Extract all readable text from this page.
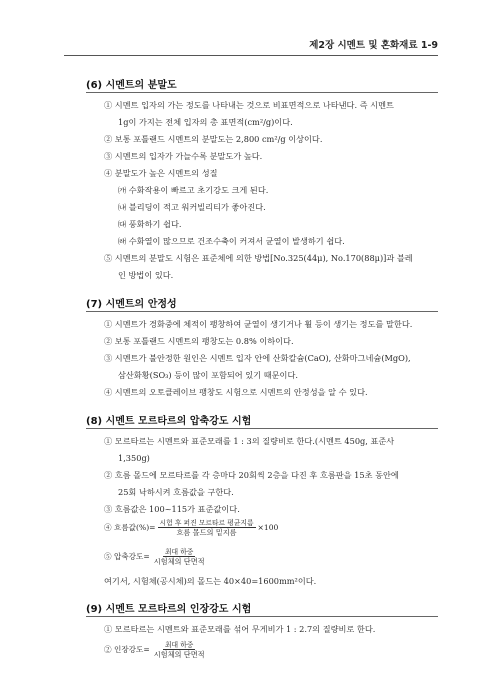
제2장 시멘트 및 혼화재료 1-9
(6) 시멘트의 분말도
① 시멘트 입자의 가는 정도를 나타내는 것으로 비표면적으로 나타낸다. 즉 시멘트
1g이 가지는 전체 입자의 총 표면적(cm²/g)이다.
② 보통 포틀랜드 시멘트의 분말도는 2,800 cm²/g 이상이다.
③ 시멘트의 입자가 가늘수록 분말도가 높다.
④ 분말도가 높은 시멘트의 성질
㈎ 수화작용이 빠르고 초기강도 크게 된다.
㈏ 블리딩이 적고 워커빌리티가 좋아진다.
㈐ 풍화하기 쉽다.
㈑ 수화열이 많으므로 건조수축이 커져서 균열이 발생하기 쉽다.
⑤ 시멘트의 분말도 시험은 표준체에 의한 방법[No.325(44μ), No.170(88μ)]과 블레
인 방법이 있다.
(7) 시멘트의 안정성
① 시멘트가 경화중에 체적이 팽창하여 균열이 생기거나 휠 등이 생기는 정도를 말한다.
② 보통 포틀랜드 시멘트의 팽창도는 0.8% 이하이다.
③ 시멘트가 불안정한 원인은 시멘트 입자 안에 산화칼슘(CaO), 산화마그네슘(MgO),
삼산화황(SO₃) 등이 많이 포함되어 있기 때문이다.
④ 시멘트의 오토클레이브 팽창도 시험으로 시멘트의 안정성을 알 수 있다.
(8) 시멘트 모르타르의 압축강도 시험
① 모르타르는 시멘트와 표준모래를 1 : 3의 질량비로 한다.(시멘트 450g, 표준사
1,350g)
② 흐름 몰드에 모르타르를 각 층마다 20회씩 2층을 다진 후 흐름판을 15초 동안에
25회 낙하시켜 흐름값을 구한다.
③ 흐름값은 100~115가 표준값이다.
④ 흐름값(%)= 시험 후 퍼진 모르타르 평균지름
흐름 몰드의 밑지름
×100
⑤ 압축강도= 최대 하중
시험체의 단면적
여기서, 시험체(공시체)의 몰드는 40×40=1600mm²이다.
(9) 시멘트 모르타르의 인장강도 시험
① 모르타르는 시멘트와 표준모래를 섞어 무게비가 1 : 2.7의 질량비로 한다.
② 인장강도= 최대 하중
시험체의 단면적
